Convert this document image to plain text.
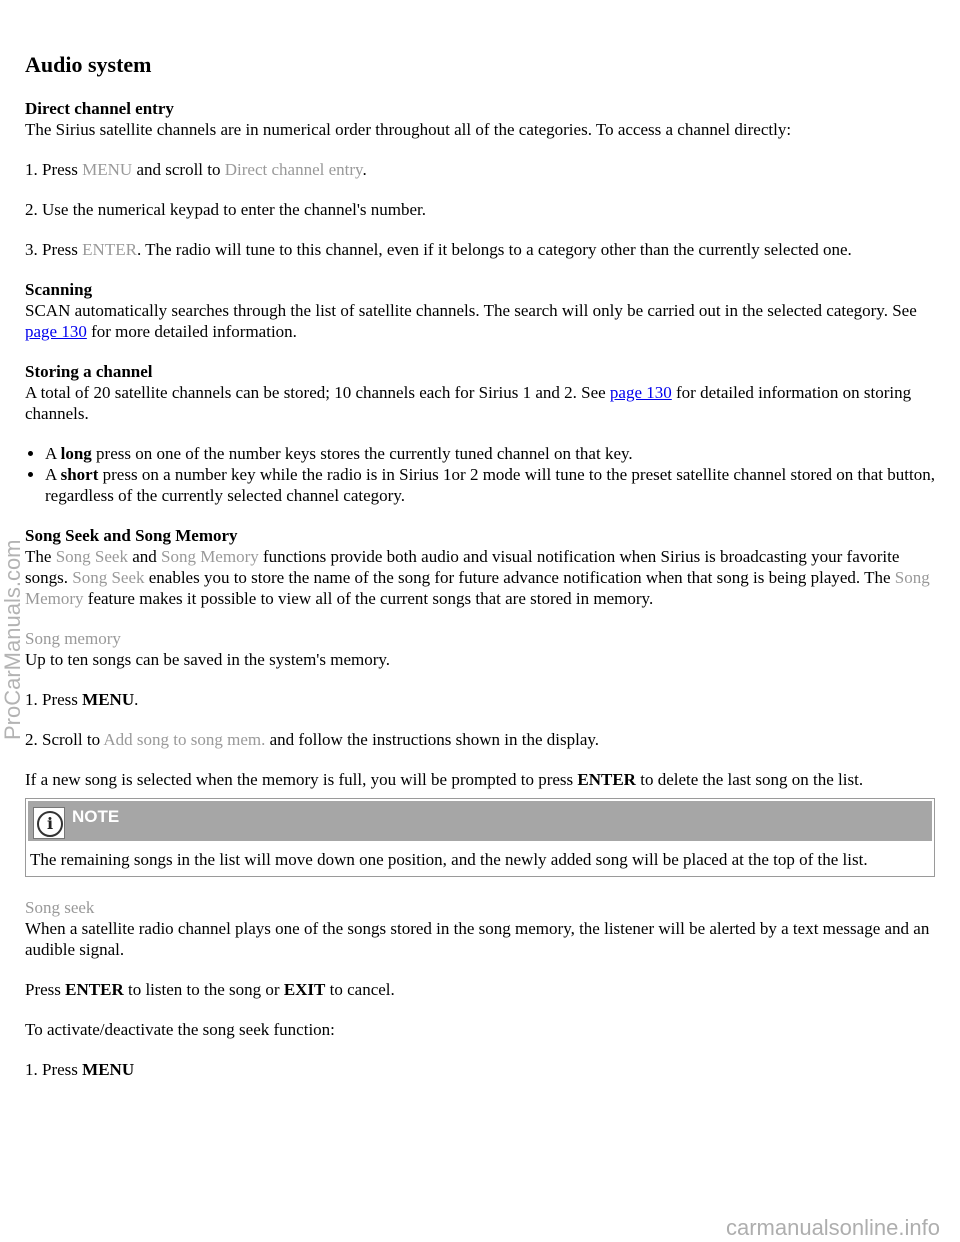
Audio system

Direct channel entry
The Sirius satellite channels are in numerical order throughout all of the categories. To access a channel directly:

1. Press MENU and scroll to Direct channel entry.

2. Use the numerical keypad to enter the channel's number.

3. Press ENTER. The radio will tune to this channel, even if it belongs to a category other than the currently selected one.

Scanning
SCAN automatically searches through the list of satellite channels. The search will only be carried out in the selected category. See page 130 for more detailed information.

Storing a channel
A total of 20 satellite channels can be stored; 10 channels each for Sirius 1 and 2. See page 130 for detailed information on storing channels.

• A long press on one of the number keys stores the currently tuned channel on that key.
• A short press on a number key while the radio is in Sirius 1or 2 mode will tune to the preset satellite channel stored on that button, regardless of the currently selected channel category.

Song Seek and Song Memory
The Song Seek and Song Memory functions provide both audio and visual notification when Sirius is broadcasting your favorite songs. Song Seek enables you to store the name of the song for future advance notification when that song is being played. The Song Memory feature makes it possible to view all of the current songs that are stored in memory.

Song memory
Up to ten songs can be saved in the system's memory.

1. Press MENU.

2. Scroll to Add song to song mem. and follow the instructions shown in the display.

If a new song is selected when the memory is full, you will be prompted to press ENTER to delete the last song on the list.

i	NOTE
The remaining songs in the list will move down one position, and the newly added song will be placed at the top of the list.

Song seek
When a satellite radio channel plays one of the songs stored in the song memory, the listener will be alerted by a text message and an audible signal.

Press ENTER to listen to the song or EXIT to cancel.

To activate/deactivate the song seek function:

1. Press MENU

ProCarManuals.com
carmanualsonline.info
